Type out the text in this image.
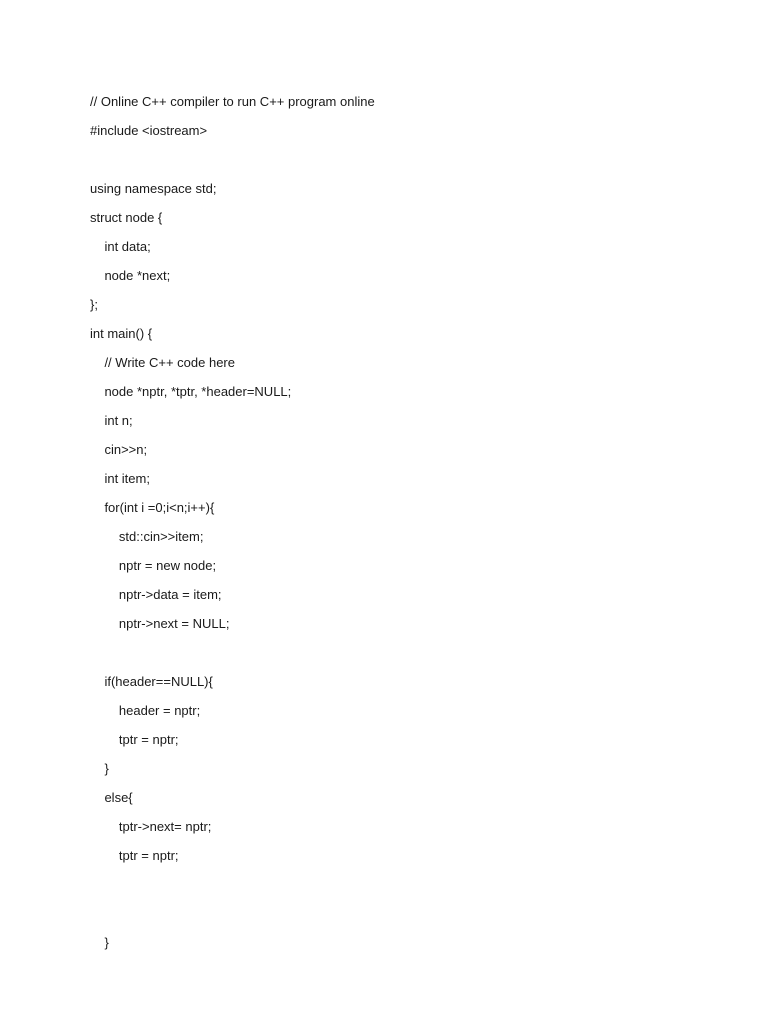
// Online C++ compiler to run C++ program online
#include <iostream>
using namespace std;
struct node {
int data;
node *next;
};
int main() {
// Write C++ code here
node *nptr, *tptr, *header=NULL;
int n;
cin>>n;
int item;
for(int i =0;i<n;i++){
std::cin>>item;
nptr = new node;
nptr->data = item;
nptr->next = NULL;
if(header==NULL){
header = nptr;
tptr = nptr;
}
else{
tptr->next= nptr;
tptr = nptr;
}
